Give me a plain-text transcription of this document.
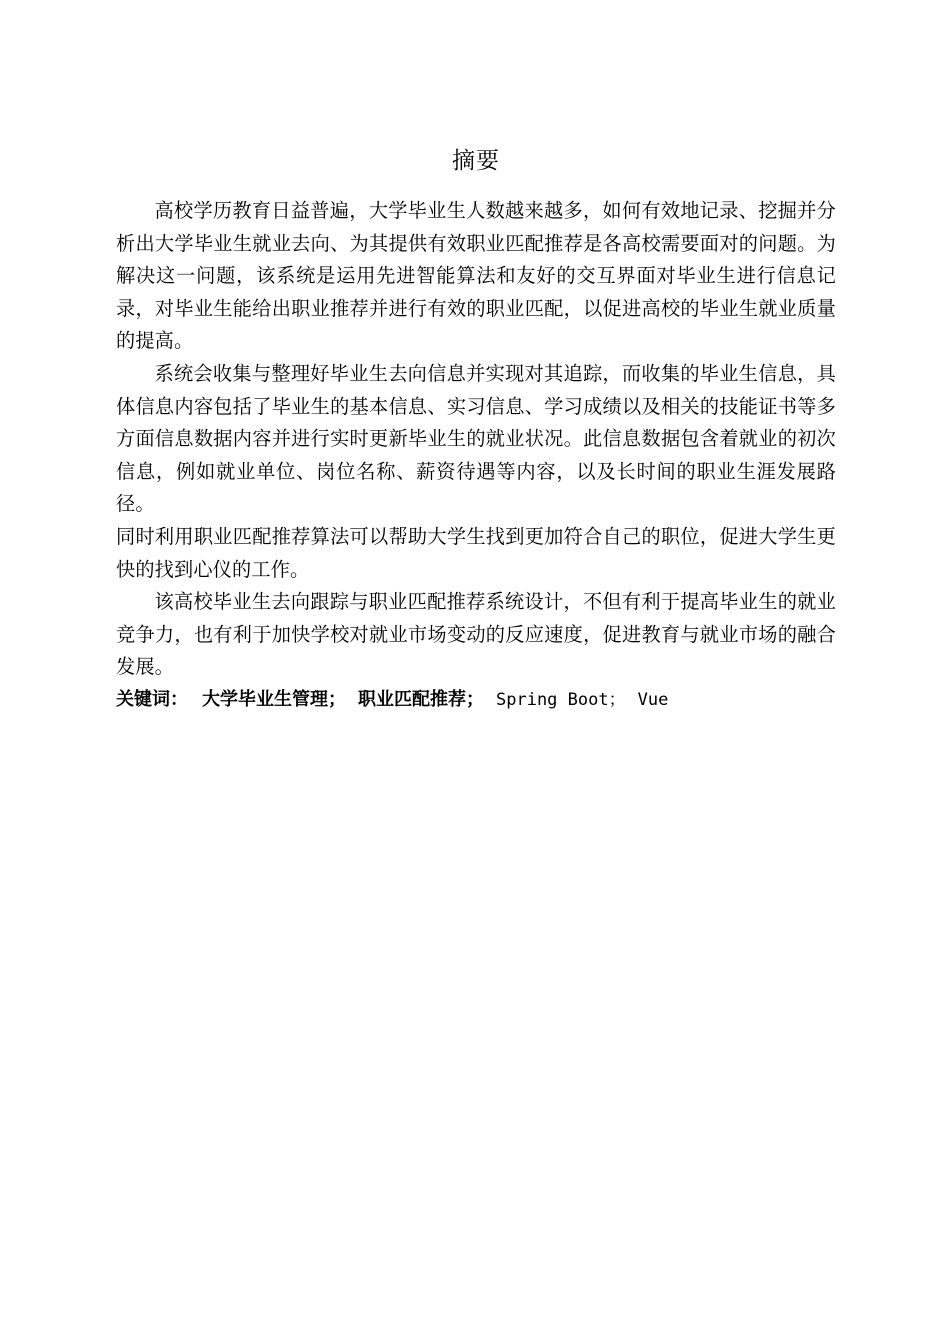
摘要

高校学历教育日益普遍，大学毕业生人数越来越多，如何有效地记录、挖掘并分析出大学毕业生就业去向、为其提供有效职业匹配推荐是各高校需要面对的问题。为解决这一问题，该系统是运用先进智能算法和友好的交互界面对毕业生进行信息记录，对毕业生能给出职业推荐并进行有效的职业匹配，以促进高校的毕业生就业质量的提高。

系统会收集与整理好毕业生去向信息并实现对其追踪，而收集的毕业生信息，具体信息内容包括了毕业生的基本信息、实习信息、学习成绩以及相关的技能证书等多方面信息数据内容并进行实时更新毕业生的就业状况。此信息数据包含着就业的初次信息，例如就业单位、岗位名称、薪资待遇等内容，以及长时间的职业生涯发展路径。

同时利用职业匹配推荐算法可以帮助大学生找到更加符合自己的职位，促进大学生更快的找到心仪的工作。

该高校毕业生去向跟踪与职业匹配推荐系统设计，不但有利于提高毕业生的就业竞争力，也有利于加快学校对就业市场变动的反应速度，促进教育与就业市场的融合发展。

关键词： 大学毕业生管理； 职业匹配推荐； Spring Boot； Vue
